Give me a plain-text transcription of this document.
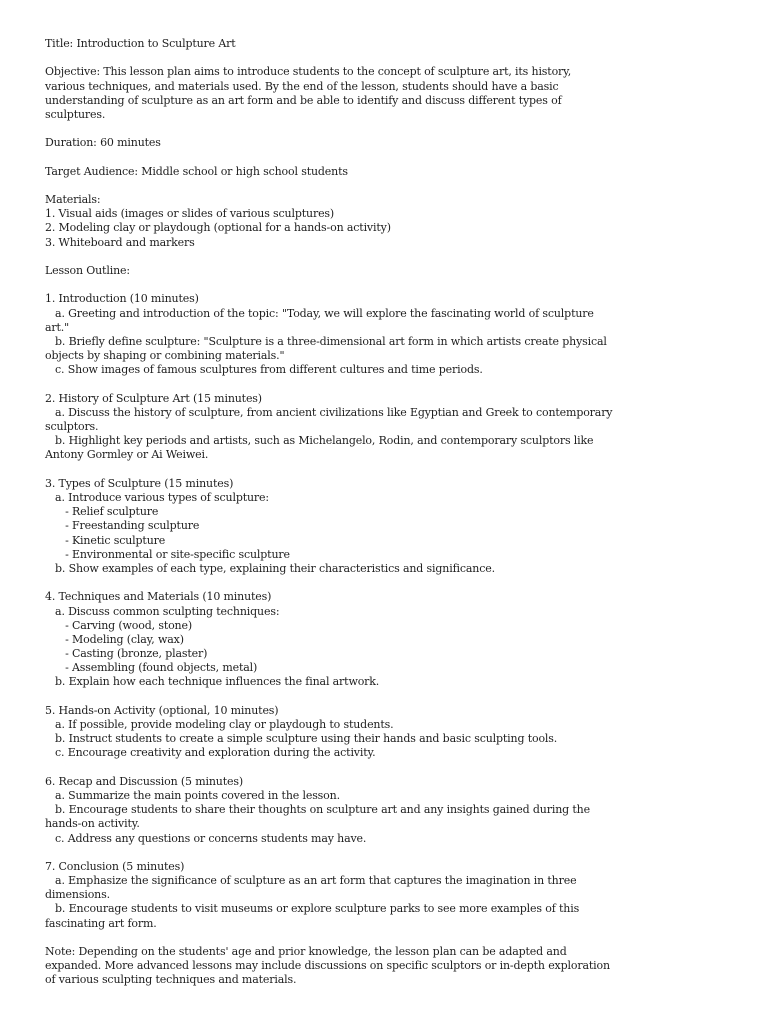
Title: Introduction to Sculpture Art
Objective: This lesson plan aims to introduce students to the concept of sculpture art, its history,
various techniques, and materials used. By the end of the lesson, students should have a basic
understanding of sculpture as an art form and be able to identify and discuss different types of
sculptures.
Duration: 60 minutes
Target Audience: Middle school or high school students
Materials:
1. Visual aids (images or slides of various sculptures)
2. Modeling clay or playdough (optional for a hands-on activity)
3. Whiteboard and markers
Lesson Outline:
1. Introduction (10 minutes)
a. Greeting and introduction of the topic: "Today, we will explore the fascinating world of sculpture
art."
b. Briefly define sculpture: "Sculpture is a three-dimensional art form in which artists create physical
objects by shaping or combining materials."
c. Show images of famous sculptures from different cultures and time periods.
2. History of Sculpture Art (15 minutes)
a. Discuss the history of sculpture, from ancient civilizations like Egyptian and Greek to contemporary
sculptors.
b. Highlight key periods and artists, such as Michelangelo, Rodin, and contemporary sculptors like
Antony Gormley or Ai Weiwei.
3. Types of Sculpture (15 minutes)
a. Introduce various types of sculpture:
- Relief sculpture
- Freestanding sculpture
- Kinetic sculpture
- Environmental or site-specific sculpture
b. Show examples of each type, explaining their characteristics and significance.
4. Techniques and Materials (10 minutes)
a. Discuss common sculpting techniques:
- Carving (wood, stone)
- Modeling (clay, wax)
- Casting (bronze, plaster)
- Assembling (found objects, metal)
b. Explain how each technique influences the final artwork.
5. Hands-on Activity (optional, 10 minutes)
a. If possible, provide modeling clay or playdough to students.
b. Instruct students to create a simple sculpture using their hands and basic sculpting tools.
c. Encourage creativity and exploration during the activity.
6. Recap and Discussion (5 minutes)
a. Summarize the main points covered in the lesson.
b. Encourage students to share their thoughts on sculpture art and any insights gained during the
hands-on activity.
c. Address any questions or concerns students may have.
7. Conclusion (5 minutes)
a. Emphasize the significance of sculpture as an art form that captures the imagination in three
dimensions.
b. Encourage students to visit museums or explore sculpture parks to see more examples of this
fascinating art form.
Note: Depending on the students' age and prior knowledge, the lesson plan can be adapted and
expanded. More advanced lessons may include discussions on specific sculptors or in-depth exploration
of various sculpting techniques and materials.
